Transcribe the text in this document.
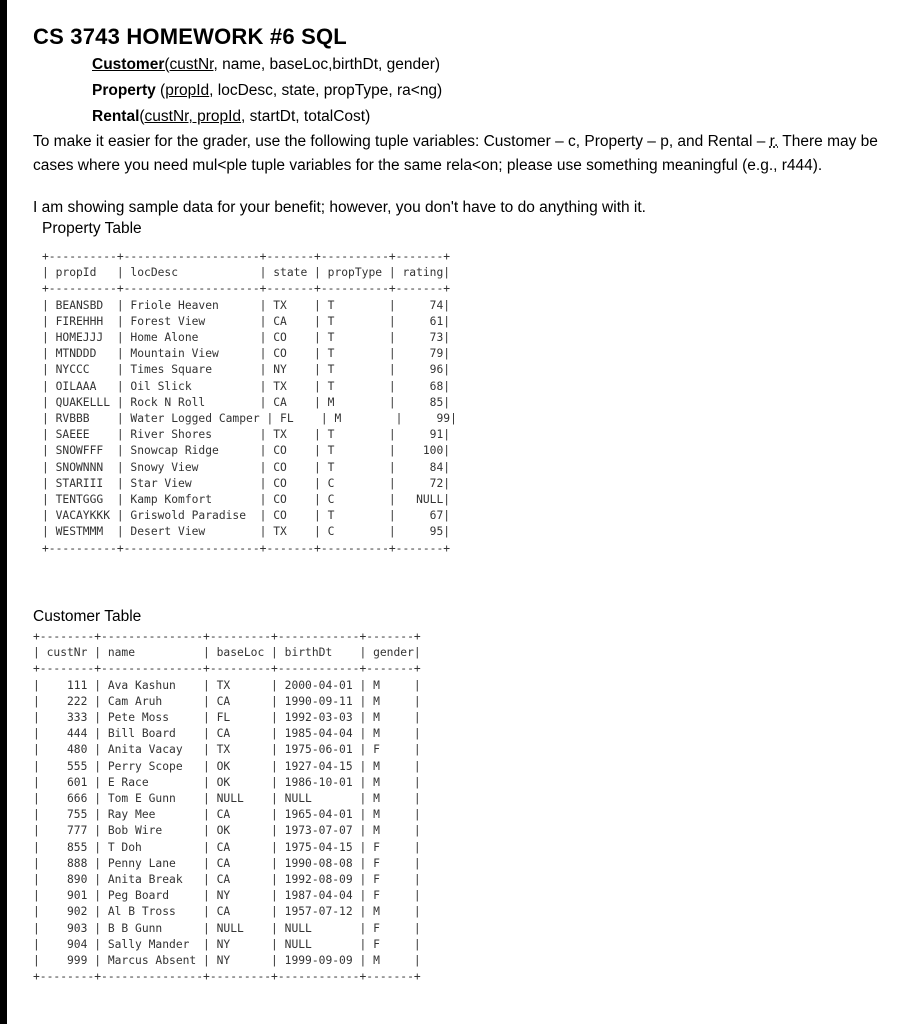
CS 3743 HOMEWORK #6 SQL
Customer(custNr, name, baseLoc,birthDt, gender)
Property (propId, locDesc, state, propType, ra<ng)
Rental(custNr, propId, startDt, totalCost)

To make it easier for the grader, use the following tuple variables: Customer – c, Property – p, and Rental – r. There may be

cases where you need mul<ple tuple variables for the same rela<on; please use something meaningful (e.g., r444).

I am showing sample data for your benefit; however, you don't have to do anything with it.

Property Table
+----------+--------------------+-------+----------+-------+
| propId   | locDesc            | state | propType | rating|
+----------+--------------------+-------+----------+-------+
| BEANSBD  | Friole Heaven      | TX    | T        |     74|
| FIREHHH  | Forest View        | CA    | T        |     61|
| HOMEJJJ  | Home Alone         | CO    | T        |     73|
| MTNDDD   | Mountain View      | CO    | T        |     79|
| NYCCC    | Times Square       | NY    | T        |     96|
| OILAAA   | Oil Slick          | TX    | T        |     68|
| QUAKELLL | Rock N Roll        | CA    | M        |     85|
| RVBBB    | Water Logged Camper | FL    | M        |     99|
| SAEEE    | River Shores       | TX    | T        |     91|
| SNOWFFF  | Snowcap Ridge      | CO    | T        |    100|
| SNOWNNN  | Snowy View         | CO    | T        |     84|
| STARIII  | Star View          | CO    | C        |     72|
| TENTGGG  | Kamp Komfort       | CO    | C        |   NULL|
| VACAYKKK | Griswold Paradise  | CO    | T        |     67|
| WESTMMM  | Desert View        | TX    | C        |     95|
+----------+--------------------+-------+----------+-------+
Customer Table
+--------+---------------+---------+------------+-------+
| custNr | name          | baseLoc | birthDt    | gender|
+--------+---------------+---------+------------+-------+
|    111 | Ava Kashun    | TX      | 2000-04-01 | M     |
|    222 | Cam Aruh      | CA      | 1990-09-11 | M     |
|    333 | Pete Moss     | FL      | 1992-03-03 | M     |
|    444 | Bill Board    | CA      | 1985-04-04 | M     |
|    480 | Anita Vacay   | TX      | 1975-06-01 | F     |
|    555 | Perry Scope   | OK      | 1927-04-15 | M     |
|    601 | E Race        | OK      | 1986-10-01 | M     |
|    666 | Tom E Gunn    | NULL    | NULL       | M     |
|    755 | Ray Mee       | CA      | 1965-04-01 | M     |
|    777 | Bob Wire      | OK      | 1973-07-07 | M     |
|    855 | T Doh         | CA      | 1975-04-15 | F     |
|    888 | Penny Lane    | CA      | 1990-08-08 | F     |
|    890 | Anita Break   | CA      | 1992-08-09 | F     |
|    901 | Peg Board     | NY      | 1987-04-04 | F     |
|    902 | Al B Tross    | CA      | 1957-07-12 | M     |
|    903 | B B Gunn      | NULL    | NULL       | F     |
|    904 | Sally Mander  | NY      | NULL       | F     |
|    999 | Marcus Absent | NY      | 1999-09-09 | M     |
+--------+---------------+---------+------------+-------+
